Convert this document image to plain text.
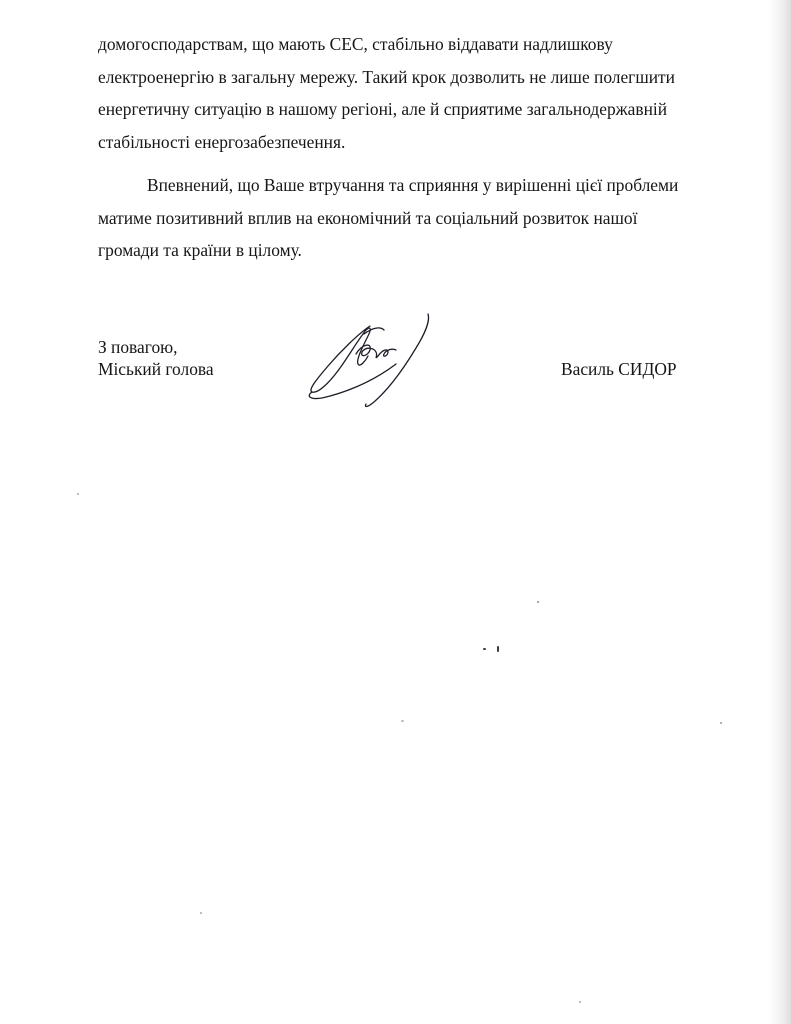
домогосподарствам, що мають СЕС, стабільно віддавати надлишкову
електроенергію в загальну мережу. Такий крок дозволить не лише полегшити
енергетичну ситуацію в нашому регіоні, але й сприятиме загальнодержавній
стабільності енергозабезпечення.

Впевнений, що Ваше втручання та сприяння у вирішенні цієї проблеми
матиме позитивний вплив на економічний та соціальний розвиток нашої
громади та країни в цілому.

З повагою,
Міський голова	Василь СИДОР
